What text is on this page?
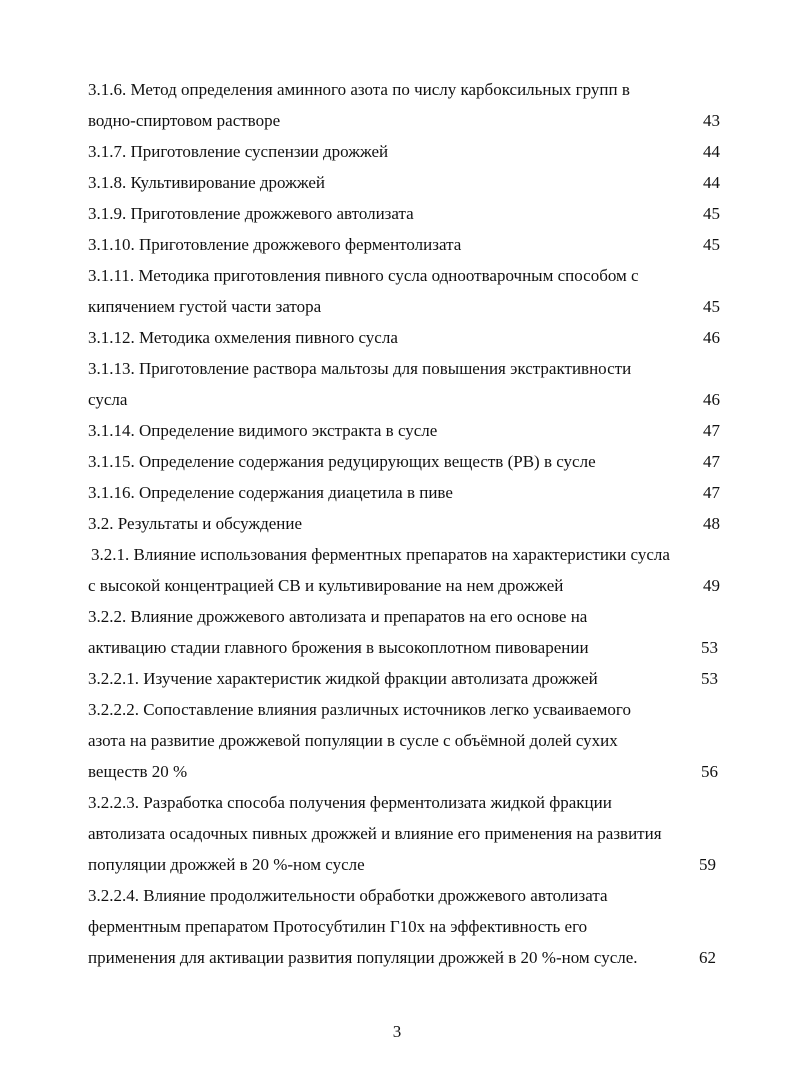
3.1.6. Метод определения аминного азота по числу карбоксильных групп в
водно-спиртовом растворе	43
3.1.7. Приготовление суспензии дрожжей	44
3.1.8. Культивирование дрожжей	44
3.1.9. Приготовление дрожжевого автолизата	45
3.1.10. Приготовление дрожжевого ферментолизата	45
3.1.11. Методика приготовления пивного сусла одноотварочным способом с
кипячением густой части затора	45
3.1.12. Методика охмеления пивного сусла	46
3.1.13. Приготовление раствора мальтозы для повышения экстрактивности
сусла	46
3.1.14. Определение видимого экстракта в сусле	47
3.1.15. Определение содержания редуцирующих веществ (РВ) в сусле	47
3.1.16. Определение содержания диацетила в пиве	47
3.2. Результаты и обсуждение	48
3.2.1. Влияние использования ферментных препаратов на характеристики сусла
с высокой концентрацией СВ и культивирование на нем дрожжей	49
3.2.2. Влияние дрожжевого автолизата и препаратов на его основе на
активацию стадии главного брожения в высокоплотном пивоварении	53
3.2.2.1. Изучение характеристик жидкой фракции автолизата дрожжей	53
3.2.2.2. Сопоставление влияния различных источников легко усваиваемого
азота на развитие дрожжевой популяции в сусле с объёмной долей сухих
веществ 20 %	56
3.2.2.3. Разработка способа получения ферментолизата жидкой фракции
автолизата осадочных пивных дрожжей и влияние его применения на развития
популяции дрожжей в 20 %-ном сусле	59
3.2.2.4. Влияние продолжительности обработки дрожжевого автолизата
ферментным препаратом Протосубтилин Г10х на эффективность его
применения для активации развития популяции дрожжей в 20 %-ном сусле.	62
3
